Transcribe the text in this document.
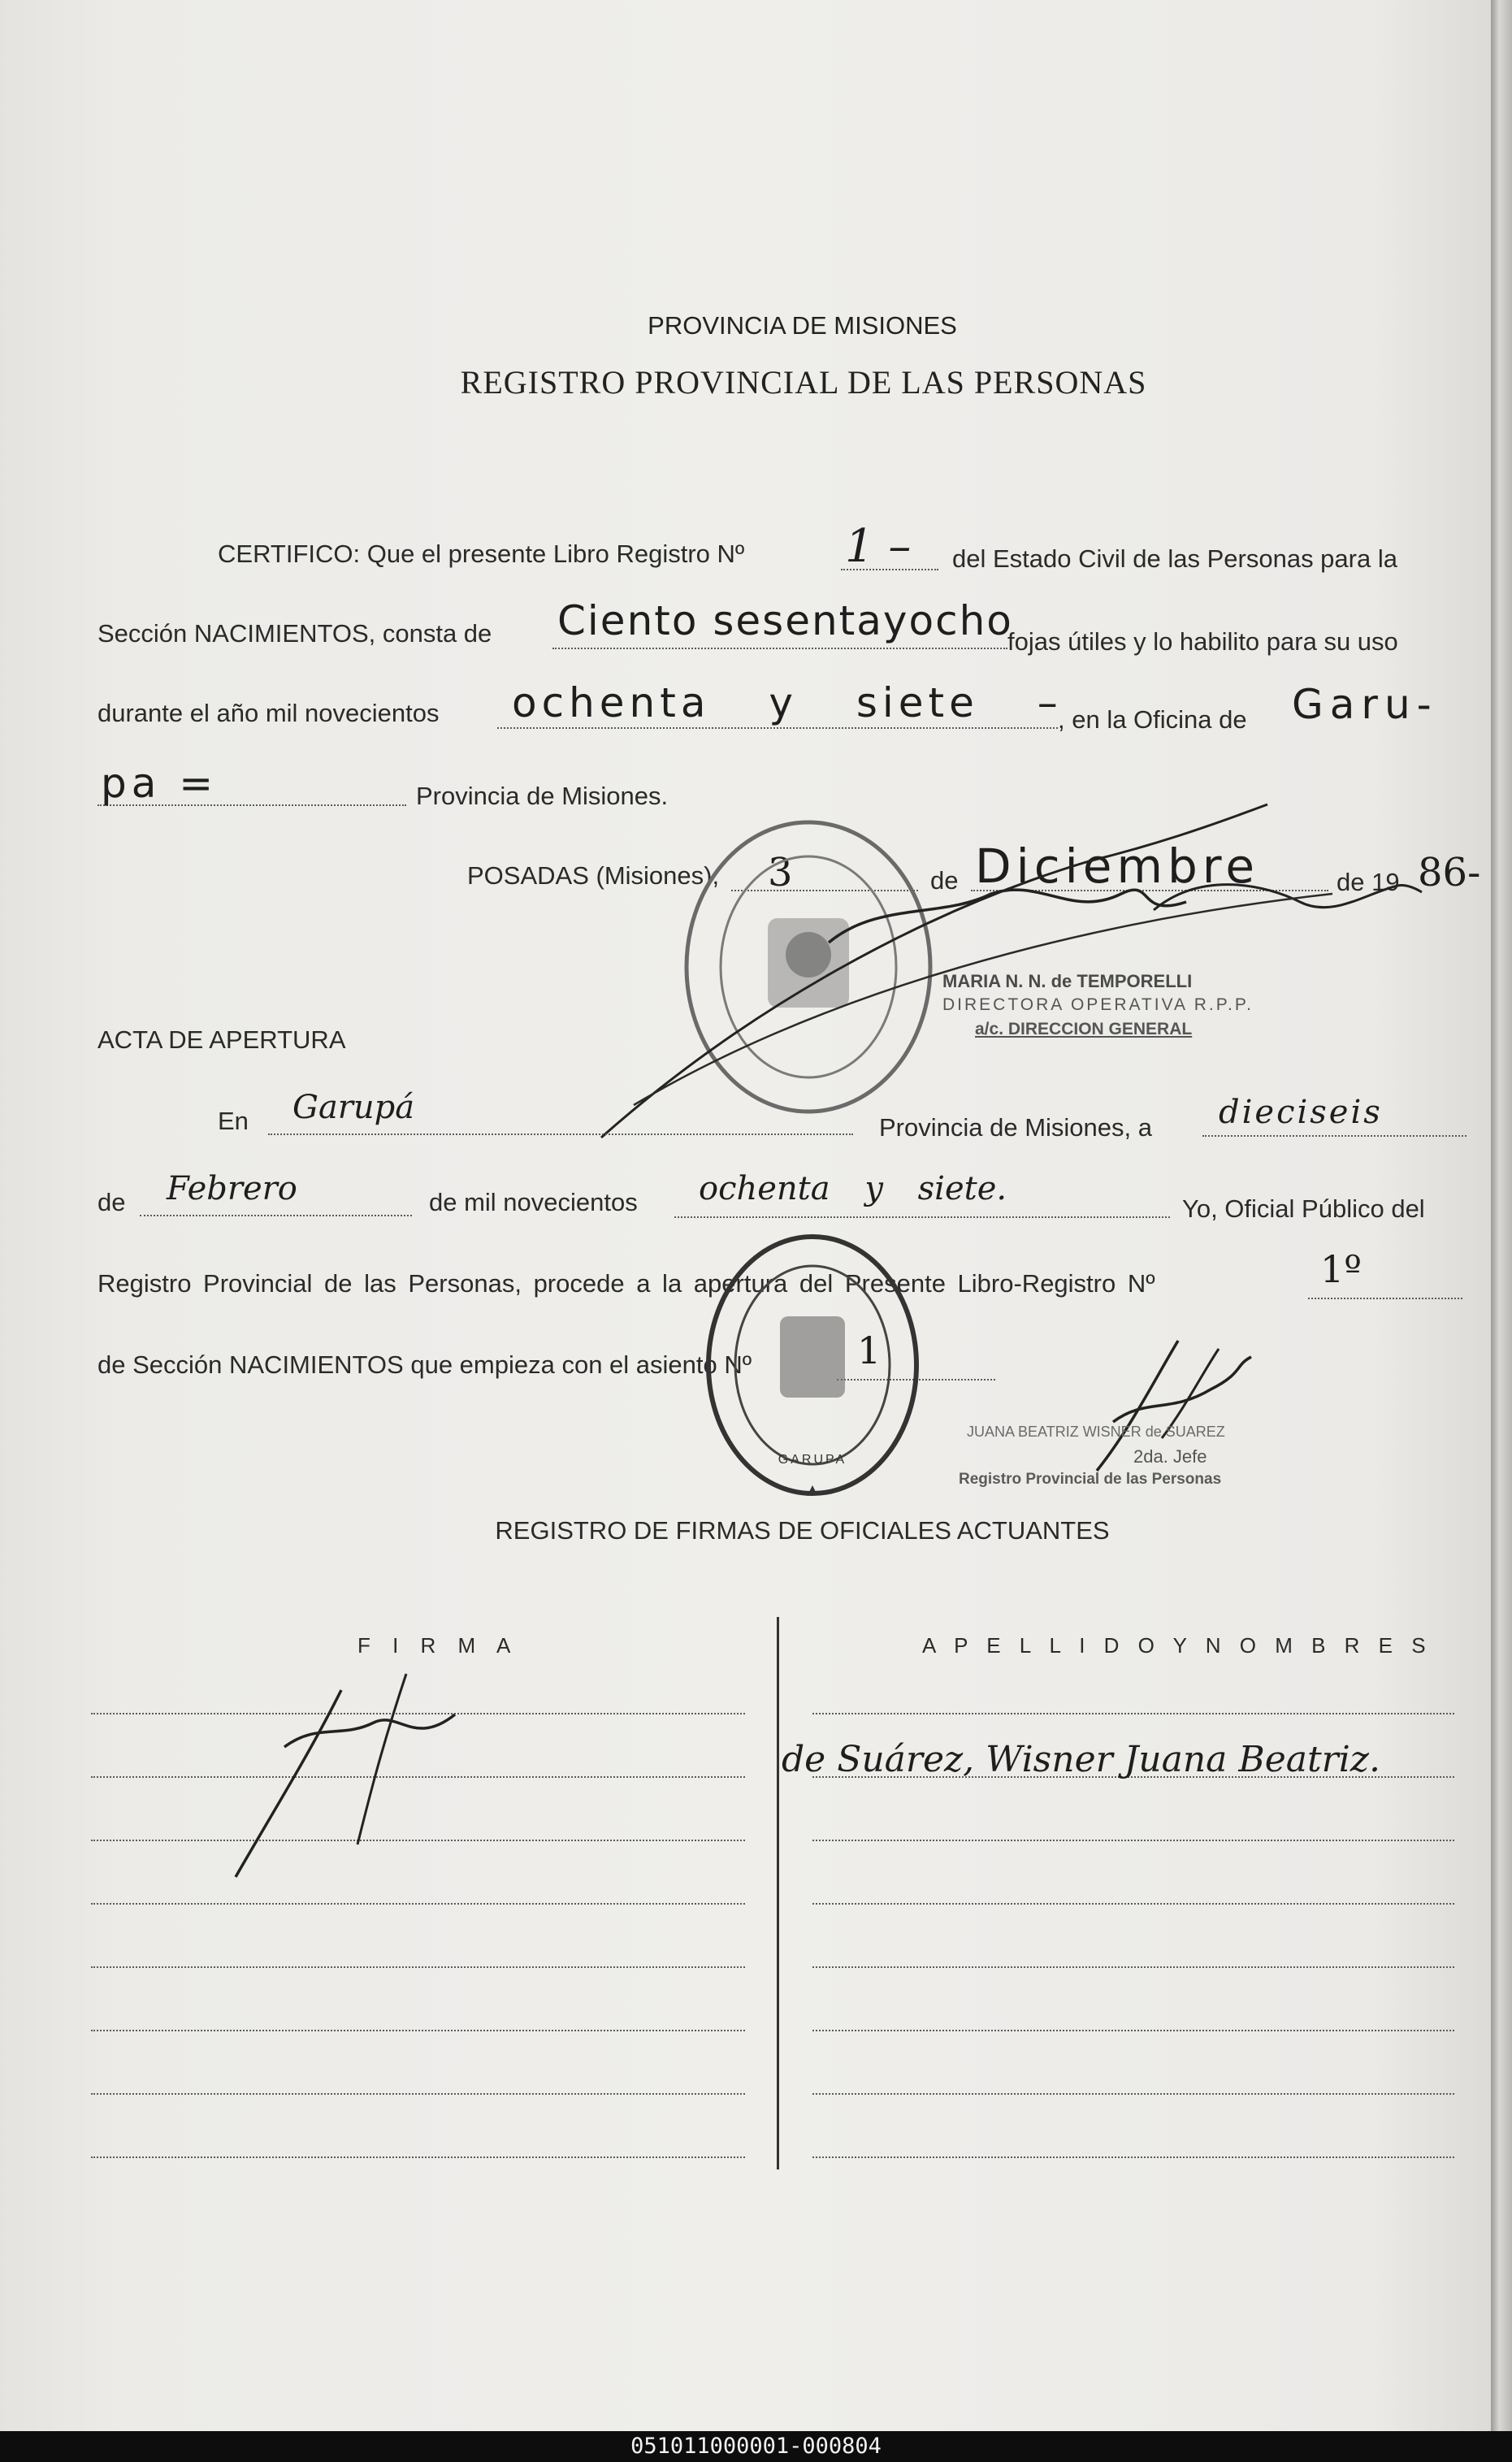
PROVINCIA DE MISIONES
REGISTRO PROVINCIAL DE LAS PERSONAS
CERTIFICO: Que el presente Libro Registro Nº 1 – del Estado Civil de las Personas para la
Sección NACIMIENTOS, consta de Ciento sesentayocho
fojas útiles y lo habilito para su uso
durante el año mil novecientos ochenta y siete –
, en la Oficina de Garu-
pa =	Provincia de Misiones.
POSADAS (Misiones), 3	de Diciembre	de 19 86-
MARIA N. N. de TEMPORELLI
DIRECTORA OPERATIVA R.P.P.
a/c. DIRECCION GENERAL
ACTA DE APERTURA
En Garupá
Provincia de Misiones, a dieciseis
de Febrero	de mil novecientos ochenta y siete.
Yo, Oficial Público del
Registro Provincial de las Personas, procede a la apertura del Presente Libro-Registro Nº	1º
de Sección NACIMIENTOS que empieza con el asiento Nº	1
GARUPA
JUANA BEATRIZ WISNER de SUAREZ
2da. Jefe
Registro Provincial de las Personas
REGISTRO DE FIRMAS DE OFICIALES ACTUANTES
F I R M A	A P E L L I D O Y N O M B R E S
de Suárez, Wisner Juana Beatriz.
051011000001-000804
